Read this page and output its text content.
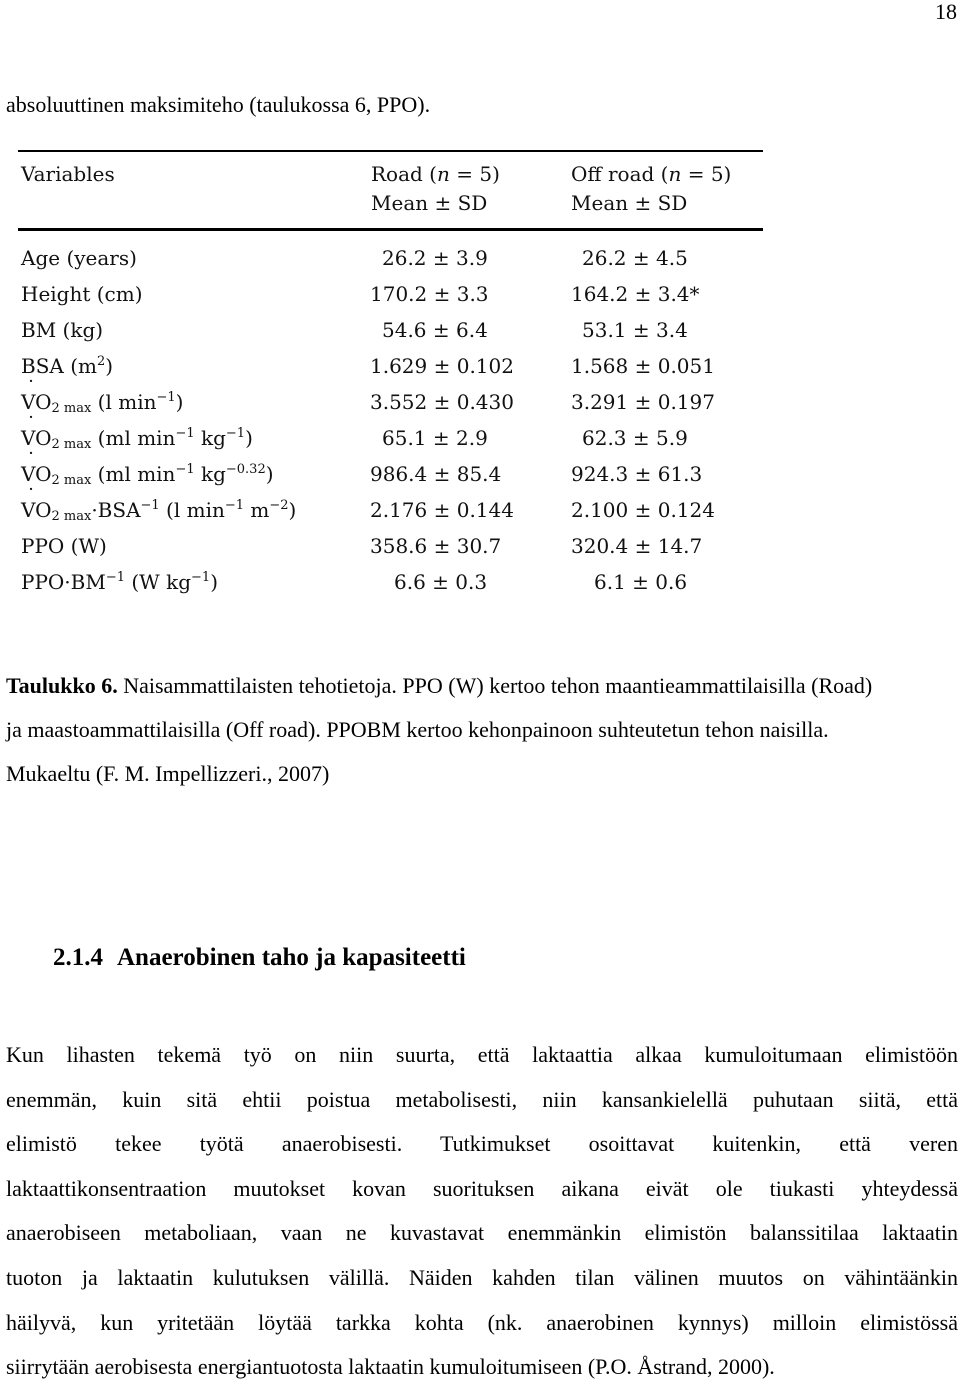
18
absoluuttinen maksimiteho (taulukossa 6, PPO).
Variables	Road (n = 5)	Off road (n = 5)
Mean ± SD	Mean ± SD
Age (years)	26.2 ± 3.9	26.2 ± 4.5
Height (cm)	170.2 ± 3.3	164.2 ± 3.4*
BM (kg)	54.6 ± 6.4	53.1 ± 3.4
BSA $(m^2)$	1.629 ± 0.102	1.568 ± 0.051
˙ $VO_{2 max}$ (l $\min^{-1}$)	3.552 ± 0.430	3.291 ± 0.197
˙ $VO_{2 max}$ (ml $\min^{-1} kg^{-1}$)	65.1 ± 2.9	62.3 ± 5.9
˙ $VO_{2 max}$ (ml $\min^{-1} kg^{-0.32}$)	986.4 ± 85.4	924.3 ± 61.3
˙ $VO_{2 max}\cdot BSA^{-1}$ (l $\min^{-1} m^{-2}$)	2.176 ± 0.144	2.100 ± 0.124
PPO (W)	358.6 ± 30.7	320.4 ± 14.7
$PPO\cdot BM^{-1}$ (W $kg^{-1}$)	6.6 ± 0.3	6.1 ± 0.6
Taulukko 6. Naisammattilaisten tehotietoja. PPO (W) kertoo tehon maantieammattilaisilla (Road)
ja maastoammattilaisilla (Off road). PPOBM kertoo kehonpainoon suhteutetun tehon naisilla.
Mukaeltu (F. M. Impellizzeri., 2007)
2.1.4 Anaerobinen taho ja kapasiteetti
Kun lihasten tekemä työ on niin suurta, että laktaattia alkaa kumuloitumaan elimistöön
enemmän, kuin sitä ehtii poistua metabolisesti, niin kansankielellä puhutaan siitä, että
elimistö tekee työtä anaerobisesti. Tutkimukset osoittavat kuitenkin, että veren
laktaattikonsentraation muutokset kovan suorituksen aikana eivät ole tiukasti yhteydessä
anaerobiseen metaboliaan, vaan ne kuvastavat enemmänkin elimistön balanssitilaa laktaatin
tuoton ja laktaatin kulutuksen välillä. Näiden kahden tilan välinen muutos on vähintäänkin
häilyvä, kun yritetään löytää tarkka kohta (nk. anaerobinen kynnys) milloin elimistössä
siirrytään aerobisesta energiantuotosta laktaatin kumuloitumiseen (P.O. Åstrand, 2000).
